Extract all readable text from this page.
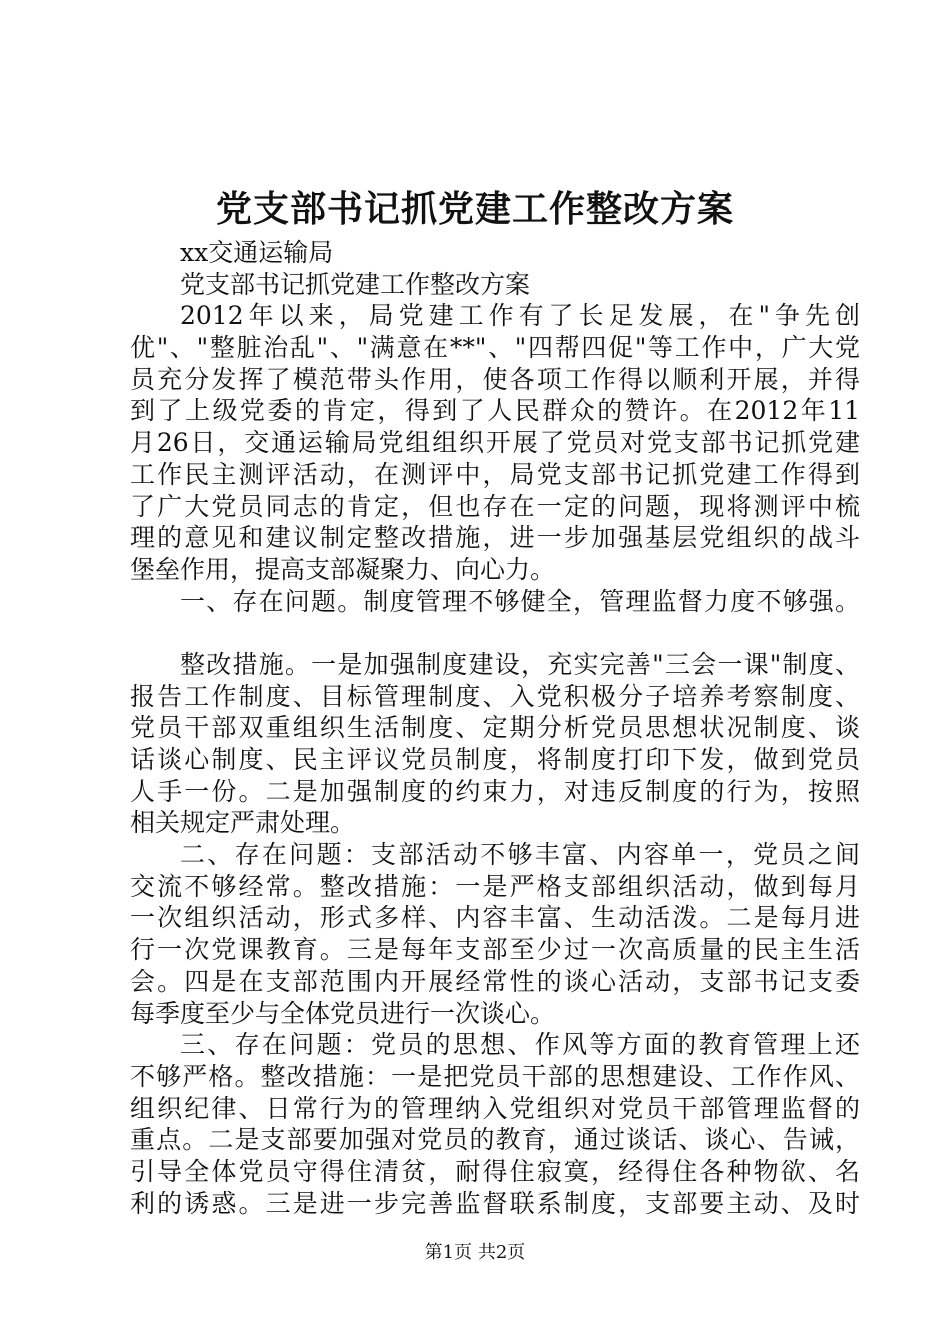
党支部书记抓党建工作整改方案
xx交通运输局
党支部书记抓党建工作整改方案
2012年以来，局党建工作有了长足发展，在"争先创
优"、"整脏治乱"、"满意在**"、"四帮四促"等工作中，广大党
员充分发挥了模范带头作用，使各项工作得以顺利开展，并得
到了上级党委的肯定，得到了人民群众的赞许。在2012年11
月26日，交通运输局党组组织开展了党员对党支部书记抓党建
工作民主测评活动，在测评中，局党支部书记抓党建工作得到
了广大党员同志的肯定，但也存在一定的问题，现将测评中梳
理的意见和建议制定整改措施，进一步加强基层党组织的战斗
堡垒作用，提高支部凝聚力、向心力。
一、存在问题。制度管理不够健全，管理监督力度不够强。
整改措施。一是加强制度建设，充实完善"三会一课"制度、
报告工作制度、目标管理制度、入党积极分子培养考察制度、
党员干部双重组织生活制度、定期分析党员思想状况制度、谈
话谈心制度、民主评议党员制度，将制度打印下发，做到党员
人手一份。二是加强制度的约束力，对违反制度的行为，按照
相关规定严肃处理。
二、存在问题：支部活动不够丰富、内容单一，党员之间
交流不够经常。整改措施：一是严格支部组织活动，做到每月
一次组织活动，形式多样、内容丰富、生动活泼。二是每月进
行一次党课教育。三是每年支部至少过一次高质量的民主生活
会。四是在支部范围内开展经常性的谈心活动，支部书记支委
每季度至少与全体党员进行一次谈心。
三、存在问题：党员的思想、作风等方面的教育管理上还
不够严格。整改措施：一是把党员干部的思想建设、工作作风、
组织纪律、日常行为的管理纳入党组织对党员干部管理监督的
重点。二是支部要加强对党员的教育，通过谈话、谈心、告诫，
引导全体党员守得住清贫，耐得住寂寞，经得住各种物欲、名
利的诱惑。三是进一步完善监督联系制度，支部要主动、及时
第1页 共2页
